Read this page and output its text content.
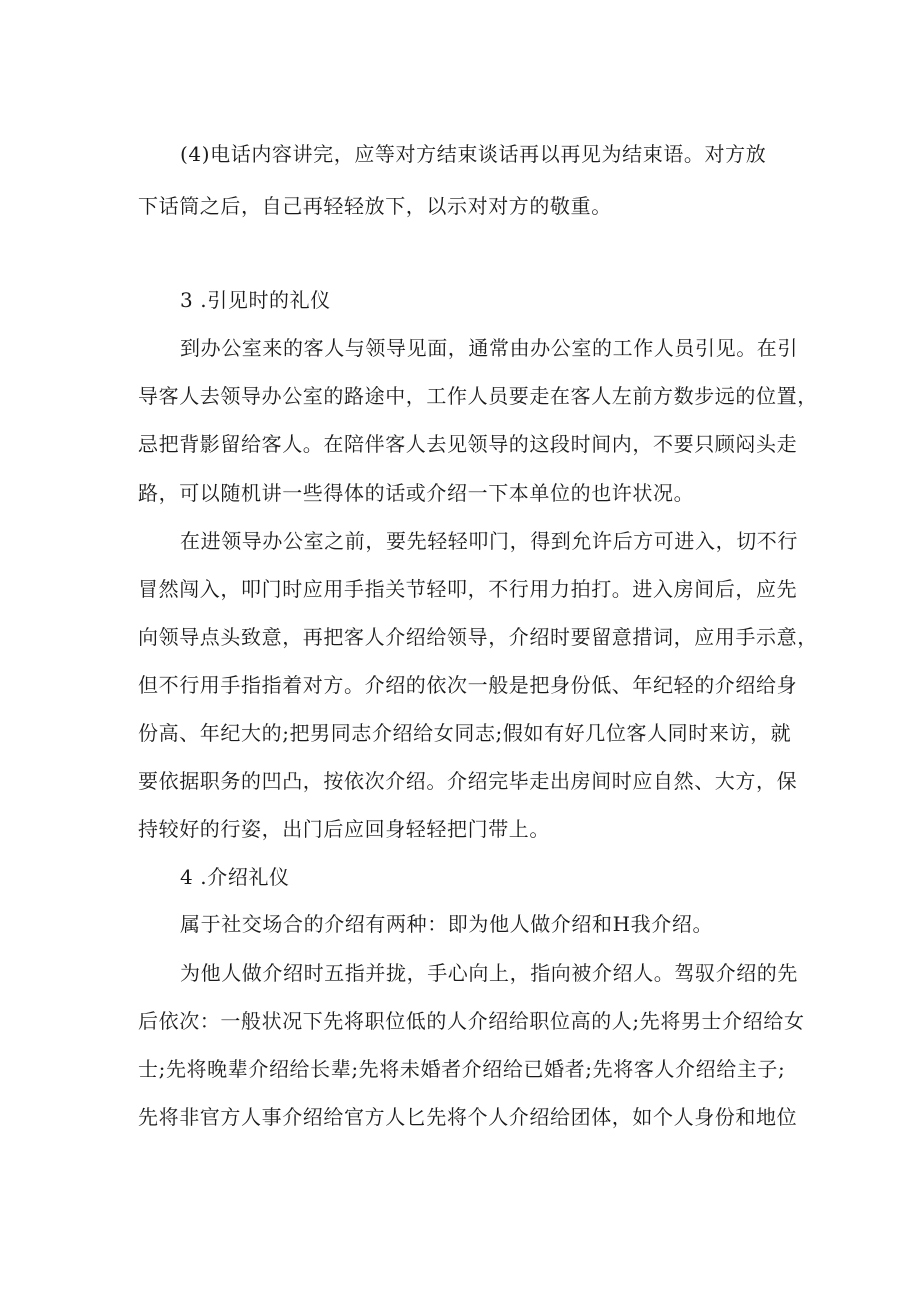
(4)电话内容讲完，应等对方结束谈话再以再见为结束语。对方放
下话筒之后，自己再轻轻放下，以示对对方的敬重。
3 .引见时的礼仪
到办公室来的客人与领导见面，通常由办公室的工作人员引见。在引
导客人去领导办公室的路途中，工作人员要走在客人左前方数步远的位置，
忌把背影留给客人。在陪伴客人去见领导的这段时间内，不要只顾闷头走
路，可以随机讲一些得体的话或介绍一下本单位的也许状况。
在进领导办公室之前，要先轻轻叩门，得到允许后方可进入，切不行
冒然闯入，叩门时应用手指关节轻叩，不行用力拍打。进入房间后，应先
向领导点头致意，再把客人介绍给领导，介绍时要留意措词，应用手示意，
但不行用手指指着对方。介绍的依次一般是把身份低、年纪轻的介绍给身
份高、年纪大的;把男同志介绍给女同志;假如有好几位客人同时来访，就
要依据职务的凹凸，按依次介绍。介绍完毕走出房间时应自然、大方，保
持较好的行姿，出门后应回身轻轻把门带上。
4 .介绍礼仪
属于社交场合的介绍有两种：即为他人做介绍和H我介绍。
为他人做介绍时五指并拢，手心向上，指向被介绍人。驾驭介绍的先
后依次：一般状况下先将职位低的人介绍给职位高的人;先将男士介绍给女
士;先将晚辈介绍给长辈;先将未婚者介绍给已婚者;先将客人介绍给主子;
先将非官方人事介绍给官方人匕先将个人介绍给团体，如个人身份和地位
